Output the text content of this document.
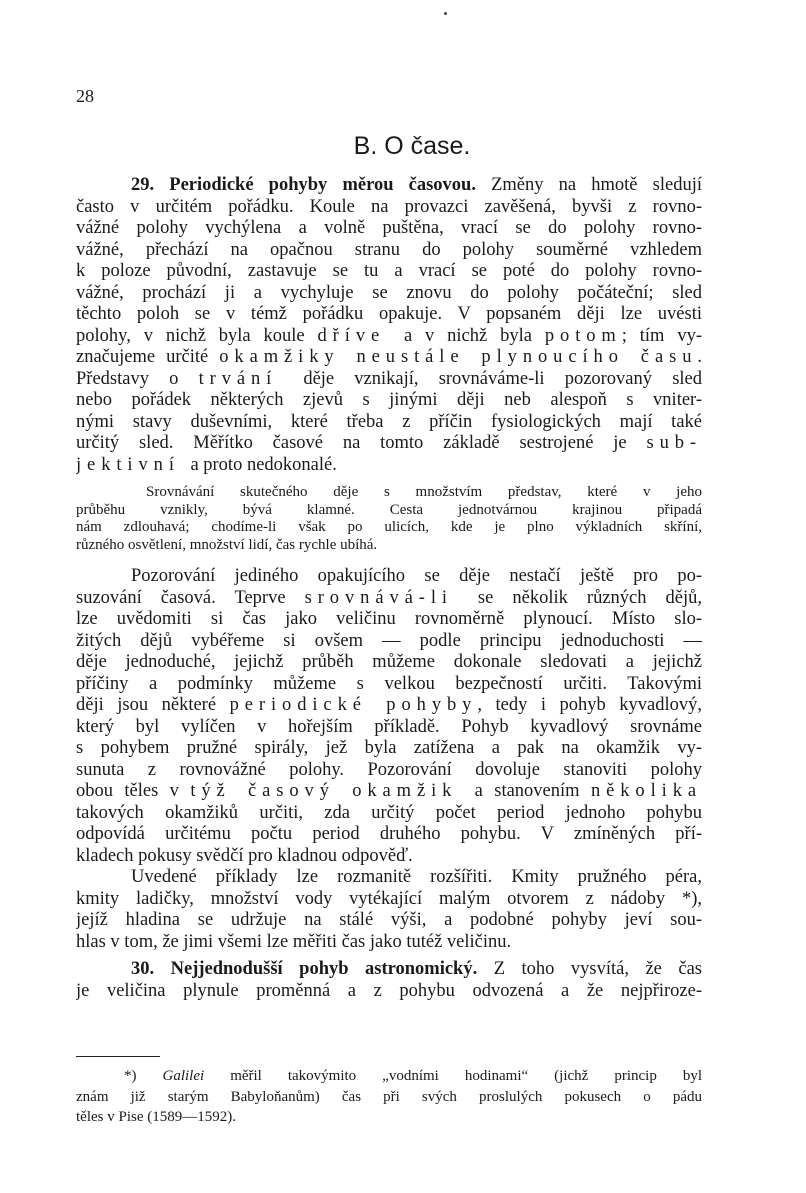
28
B. O čase.
29. Periodické pohyby měrou časovou. Změny na hmotě sledují
často v určitém pořádku. Koule na provazci zavěšená, byvši z rovno-
vážné polohy vychýlena a volně puštěna, vrací se do polohy rovno-
vážné, přechází na opačnou stranu do polohy souměrné vzhledem
k poloze původní, zastavuje se tu a vrací se poté do polohy rovno-
vážné, prochází ji a vychyluje se znovu do polohy počáteční; sled
těchto poloh se v témž pořádku opakuje. V popsaném ději lze uvésti
polohy, v nichž byla koule dříve a v nichž byla potom; tím vy-
značujeme určité okamžiky neustále plynoucího času.
Představy o trvání děje vznikají, srovnáváme-li pozorovaný sled
nebo pořádek některých zjevů s jinými ději neb alespoň s vniter-
nými stavy duševními, které třeba z příčin fysiologických mají také
určitý sled. Měřítko časové na tomto základě sestrojené je sub-
jektivní a proto nedokonalé.
Srovnávání skutečného děje s množstvím představ, které v jeho
průběhu vznikly, bývá klamné. Cesta jednotvárnou krajinou připadá
nám zdlouhavá; chodíme-li však po ulicích, kde je plno výkladních skříní,
různého osvětlení, množství lidí, čas rychle ubíhá.
Pozorování jediného opakujícího se děje nestačí ještě pro po-
suzování časová. Teprve srovnává-li se několik různých dějů,
lze uvědomiti si čas jako veličinu rovnoměrně plynoucí. Místo slo-
žitých dějů vybéřeme si ovšem — podle principu jednoduchosti —
děje jednoduché, jejichž průběh můžeme dokonale sledovati a jejichž
příčiny a podmínky můžeme s velkou bezpečností určiti. Takovými
ději jsou některé periodické pohyby, tedy i pohyb kyvadlový,
který byl vylíčen v hořejším příkladě. Pohyb kyvadlový srovnáme
s pohybem pružné spirály, jež byla zatížena a pak na okamžik vy-
sunuta z rovnovážné polohy. Pozorování dovoluje stanoviti polohy
obou těles v týž časový okamžik a stanovením několika
takových okamžiků určiti, zda určitý počet period jednoho pohybu
odpovídá určitému počtu period druhého pohybu. V zmíněných pří-
kladech pokusy svědčí pro kladnou odpověď.
Uvedené příklady lze rozmanitě rozšířiti. Kmity pružného péra,
kmity ladičky, množství vody vytékající malým otvorem z nádoby *),
jejíž hladina se udržuje na stálé výši, a podobné pohyby jeví sou-
hlas v tom, že jimi všemi lze měřiti čas jako tutéž veličinu.
30. Nejjednodušší pohyb astronomický. Z toho vysvítá, že čas
je veličina plynule proměnná a z pohybu odvozená a že nejpřiroze-
*) Galilei měřil takovýmito „vodními hodinami“ (jichž princip byl
znám již starým Babyloňanům) čas při svých proslulých pokusech o pádu
těles v Pise (1589—1592).
